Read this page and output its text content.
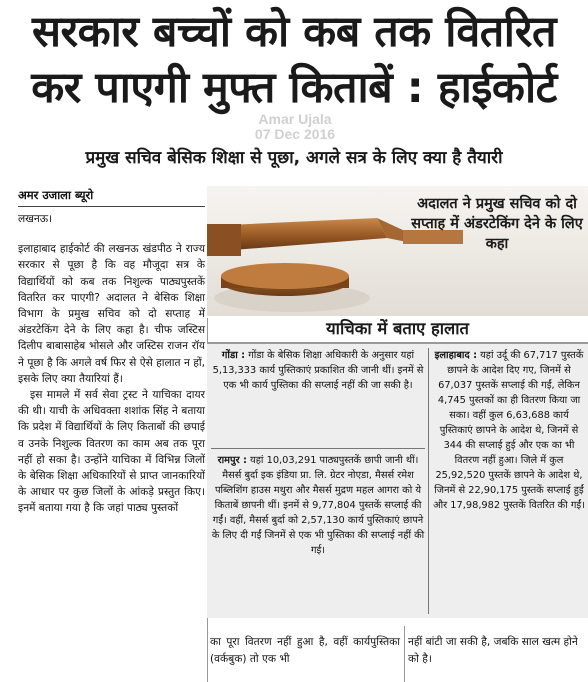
सरकार बच्चों को कब तक वितरित
कर पाएगी मुफ्त किताबें : हाईकोर्ट
Amar Ujala
07 Dec 2016
प्रमुख सचिव बेसिक शिक्षा से पूछा, अगले सत्र के लिए क्या है तैयारी
अमर उजाला ब्यूरो
लखनऊ।

इलाहाबाद हाईकोर्ट की लखनऊ खंडपीठ ने राज्य सरकार से पूछा है कि वह मौजूदा सत्र के विद्यार्थियों को कब तक निशुल्क पाठ्यपुस्तकें वितरित कर पाएगी? अदालत ने बेसिक शिक्षा विभाग के प्रमुख सचिव को दो सप्ताह में अंडरटेकिंग देने के लिए कहा है। चीफ जस्टिस दिलीप बाबासाहेब भोसले और जस्टिस राजन रॉय ने पूछा है कि अगले वर्ष फिर से ऐसे हालात न हों, इसके लिए क्या तैयारियां हैं।

इस मामले में सर्व सेवा ट्रस्ट ने याचिका दायर की थी। याची के अधिवक्ता शशांक सिंह ने बताया कि प्रदेश में विद्यार्थियों के लिए किताबों की छपाई व उनके निशुल्क वितरण का काम अब तक पूरा नहीं हो सका है। उन्होंने याचिका में विभिन्न जिलों के बेसिक शिक्षा अधिकारियों से प्राप्त जानकारियों के आधार पर कुछ जिलों के आंकड़े प्रस्तुत किए। इनमें बताया गया है कि जहां पाठ्य पुस्तकों

अदालत ने प्रमुख सचिव को दो सप्ताह में अंडरटेकिंग देने के लिए कहा
याचिका में बताए हालात
गोंडा : गोंडा के बेसिक शिक्षा अधिकारी के अनुसार यहां 5,13,333 कार्य पुस्तिकाएं प्रकाशित की जानी थीं। इनमें से एक भी कार्य पुस्तिका की सप्लाई नहीं की जा सकी है।
रामपुर : यहां 10,03,291 पाठ्यपुस्तकें छापी जानी थीं। मैसर्स बुर्दा इक इंडिया प्रा. लि. ग्रेटर नोएडा, मैसर्स रमेश पब्लिशिंग हाउस मथुरा और मैसर्स मुद्रण महल आगरा को ये किताबें छापनी थीं। इनमें से 9,77,804 पुस्तकें सप्लाई की गईं। वहीं, मैसर्स बुर्दा को 2,57,130 कार्य पुस्तिकाएं छापने के लिए दी गईं जिनमें से एक भी पुस्तिका की सप्लाई नहीं की गई।
इलाहाबाद : यहां उर्दू की 67,717 पुस्तकें छापने के आदेश दिए गए, जिनमें से 67,037 पुस्तकें सप्लाई की गईं, लेकिन 4,745 पुस्तकों का ही वितरण किया जा सका। वहीं कुल 6,63,688 कार्य पुस्तिकाएं छापने के आदेश थे, जिनमें से 344 की सप्लाई हुई और एक का भी वितरण नहीं हुआ। जिले में कुल 25,92,520 पुस्तकें छापने के आदेश थे, जिनमें से 22,90,175 पुस्तकें सप्लाई हुईं और 17,98,982 पुस्तकें वितरित की गईं।
का पूरा वितरण नहीं हुआ है, वहीं कार्यपुस्तिका (वर्कबुक) तो एक भी
नहीं बांटी जा सकी है, जबकि साल खत्म होने को है।
